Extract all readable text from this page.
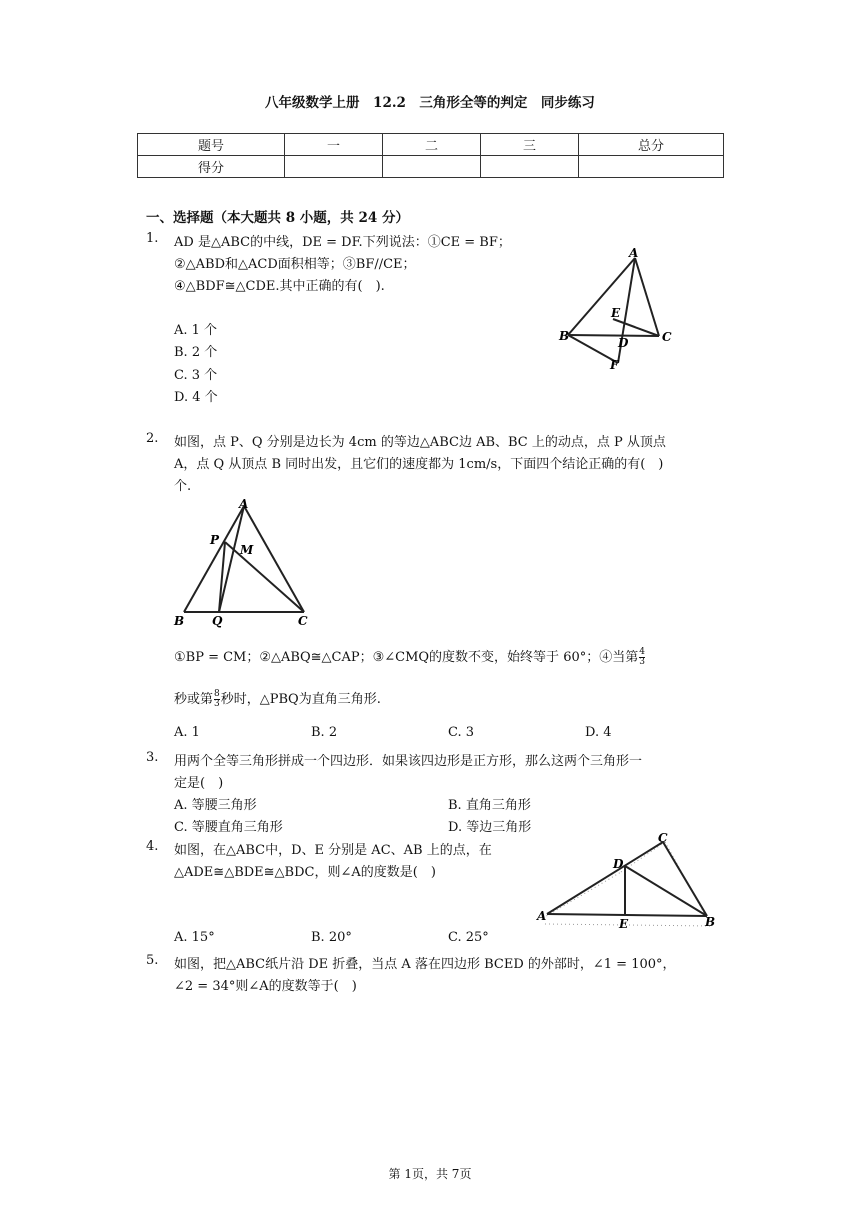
八年级数学上册　12.2　三角形全等的判定　同步练习
题号	一	二	三	总分
得分				
一、选择题（本大题共 8 小题，共 24 分）
1. AD 是△ABC的中线，DE = DF.下列说法：①CE = BF；
②△ABD和△ACD面积相等；③BF//CE；
④△BDF≅△CDE.其中正确的有(　).
A. 1 个
B. 2 个
C. 3 个
D. 4 个
A
B	C
D
E
F
2. 如图，点 P、Q 分别是边长为 4cm 的等边△ABC边 AB、BC 上的动点，点 P 从顶点
A，点 Q 从顶点 B 同时出发，且它们的速度都为 1cm/s，下面四个结论正确的有(　)
个.
A
P
M
B Q	C
①BP = CM；②△ABQ≅△CAP；③∠CMQ的度数不变，始终等于 60°；④当第 $\frac{4}{3}$
秒或第 $\frac{8}{3}$ 秒时，△PBQ为直角三角形.
A. 1	B. 2	C. 3	D. 4
3. 用两个全等三角形拼成一个四边形．如果该四边形是正方形，那么这两个三角形一
定是(　)
A. 等腰三角形	B. 直角三角形
C. 等腰直角三角形	D. 等边三角形
4. 如图，在△ABC中，D、E 分别是 AC、AB 上的点，在
△ADE≅△BDE≅△BDC，则∠A的度数是(　)
A. 15°	B. 20°	C. 25°
C
D
A
E	B
5. 如图，把△ABC纸片沿 DE 折叠，当点 A 落在四边形 BCED 的外部时，∠1 = 100°，
∠2 = 34°则∠A的度数等于(　)
第 1页，共 7页
